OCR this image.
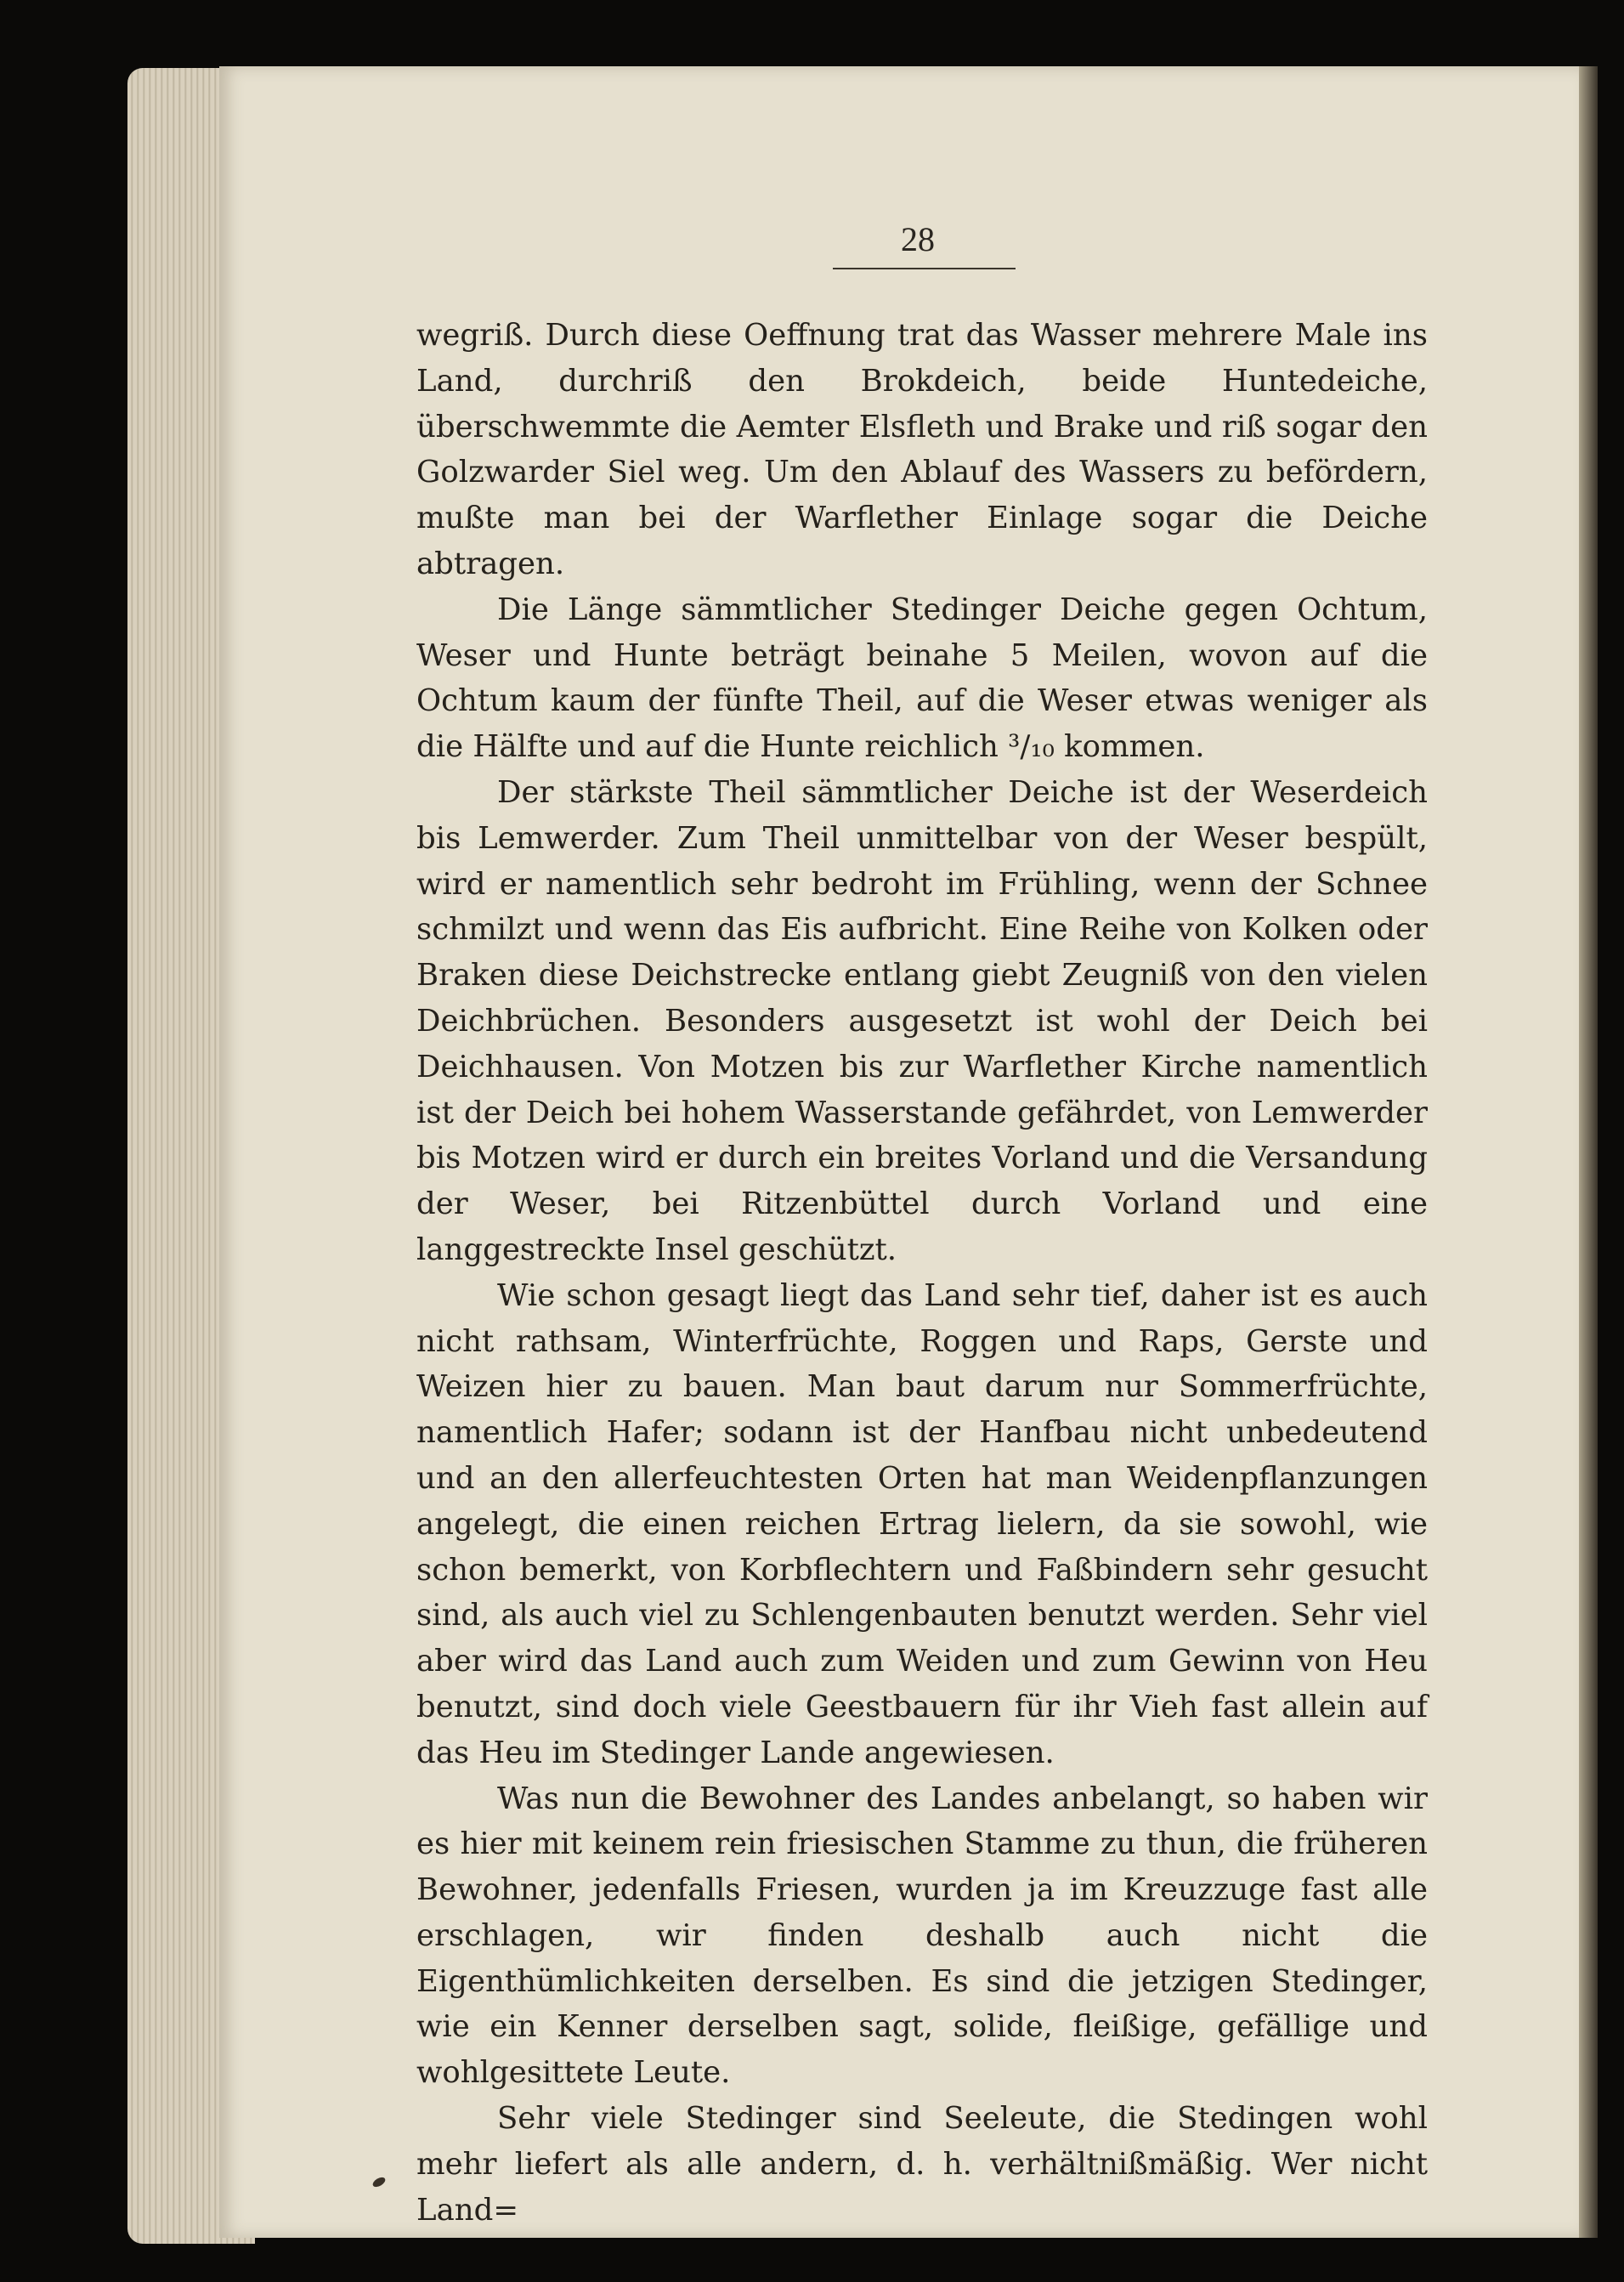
28

wegriß. Durch diese Oeffnung trat das Wasser mehrere Male ins Land, durchriß den Brokdeich, beide Huntedeiche, überschwemmte die Aemter Elsfleth und Brake und riß sogar den Golzwarder Siel weg. Um den Ablauf des Wassers zu befördern, mußte man bei der Warflether Einlage sogar die Deiche abtragen.

Die Länge sämmtlicher Stedinger Deiche gegen Ochtum, Weser und Hunte beträgt beinahe 5 Meilen, wovon auf die Ochtum kaum der fünfte Theil, auf die Weser etwas weniger als die Hälfte und auf die Hunte reichlich ³/₁₀ kommen.

Der stärkste Theil sämmtlicher Deiche ist der Weserdeich bis Lemwerder. Zum Theil unmittelbar von der Weser bespült, wird er namentlich sehr bedroht im Frühling, wenn der Schnee schmilzt und wenn das Eis aufbricht. Eine Reihe von Kolken oder Braken diese Deichstrecke entlang giebt Zeugniß von den vielen Deichbrüchen. Besonders ausgesetzt ist wohl der Deich bei Deichhausen. Von Motzen bis zur Warflether Kirche namentlich ist der Deich bei hohem Wasserstande gefährdet, von Lemwerder bis Motzen wird er durch ein breites Vorland und die Versandung der Weser, bei Ritzenbüttel durch Vorland und eine langgestreckte Insel geschützt.

Wie schon gesagt liegt das Land sehr tief, daher ist es auch nicht rathsam, Winterfrüchte, Roggen und Raps, Gerste und Weizen hier zu bauen. Man baut darum nur Sommerfrüchte, namentlich Hafer; sodann ist der Hanfbau nicht unbedeutend und an den allerfeuchtesten Orten hat man Weidenpflanzungen angelegt, die einen reichen Ertrag lielern, da sie sowohl, wie schon bemerkt, von Korbflechtern und Faßbindern sehr gesucht sind, als auch viel zu Schlengenbauten benutzt werden. Sehr viel aber wird das Land auch zum Weiden und zum Gewinn von Heu benutzt, sind doch viele Geestbauern für ihr Vieh fast allein auf das Heu im Stedinger Lande angewiesen.

Was nun die Bewohner des Landes anbelangt, so haben wir es hier mit keinem rein friesischen Stamme zu thun, die früheren Bewohner, jedenfalls Friesen, wurden ja im Kreuzzuge fast alle erschlagen, wir finden deshalb auch nicht die Eigenthümlichkeiten derselben. Es sind die jetzigen Stedinger, wie ein Kenner derselben sagt, solide, fleißige, gefällige und wohlgesittete Leute.

Sehr viele Stedinger sind Seeleute, die Stedingen wohl mehr liefert als alle andern, d. h. verhältnißmäßig. Wer nicht Land=
